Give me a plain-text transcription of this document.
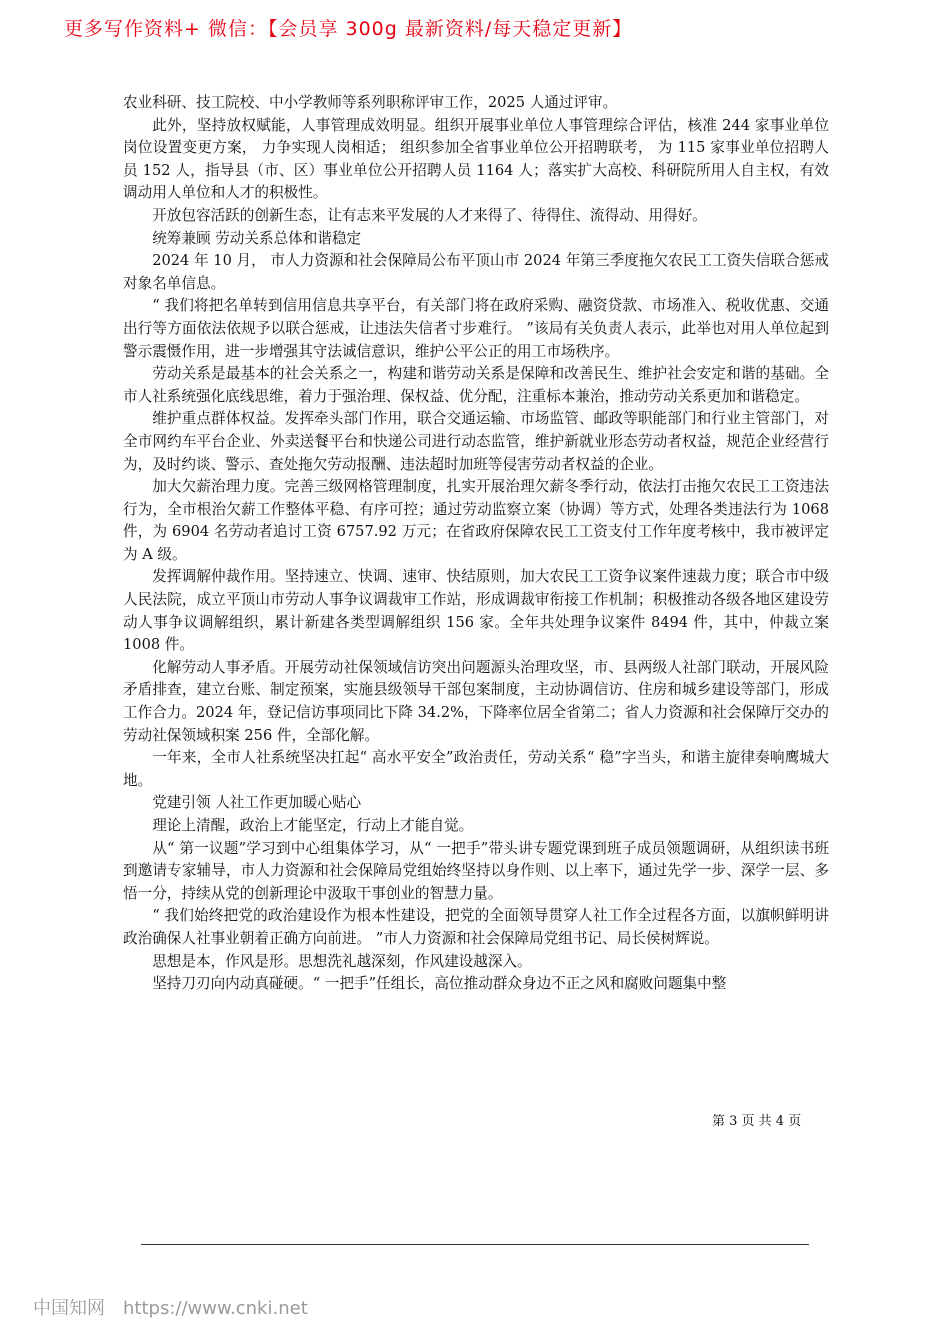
更多写作资料+ 微信：【会员享 300g 最新资料/每天稳定更新】

农业科研、技工院校、中小学教师等系列职称评审工作，2025 人通过评审。

此外，坚持放权赋能，人事管理成效明显。组织开展事业单位人事管理综合评估，核准 244 家事业单位岗位设置变更方案， 力争实现人岗相适； 组织参加全省事业单位公开招聘联考， 为 115 家事业单位招聘人员 152 人，指导县（市、区）事业单位公开招聘人员 1164 人；落实扩大高校、科研院所用人自主权，有效调动用人单位和人才的积极性。

开放包容活跃的创新生态，让有志来平发展的人才来得了、待得住、流得动、用得好。

统筹兼顾 劳动关系总体和谐稳定

2024 年 10 月， 市人力资源和社会保障局公布平顶山市 2024 年第三季度拖欠农民工工资失信联合惩戒对象名单信息。

“ 我们将把名单转到信用信息共享平台，有关部门将在政府采购、融资贷款、市场准入、税收优惠、交通出行等方面依法依规予以联合惩戒，让违法失信者寸步难行。 ”该局有关负责人表示，此举也对用人单位起到警示震慑作用，进一步增强其守法诚信意识，维护公平公正的用工市场秩序。

劳动关系是最基本的社会关系之一，构建和谐劳动关系是保障和改善民生、维护社会安定和谐的基础。全市人社系统强化底线思维，着力于强治理、保权益、优分配，注重标本兼治，推动劳动关系更加和谐稳定。

维护重点群体权益。发挥牵头部门作用，联合交通运输、市场监管、邮政等职能部门和行业主管部门，对全市网约车平台企业、外卖送餐平台和快递公司进行动态监管，维护新就业形态劳动者权益，规范企业经营行为，及时约谈、警示、查处拖欠劳动报酬、违法超时加班等侵害劳动者权益的企业。

加大欠薪治理力度。完善三级网格管理制度，扎实开展治理欠薪冬季行动，依法打击拖欠农民工工资违法行为，全市根治欠薪工作整体平稳、有序可控；通过劳动监察立案（协调）等方式，处理各类违法行为 1068 件，为 6904 名劳动者追讨工资 6757.92 万元；在省政府保障农民工工资支付工作年度考核中，我市被评定为 A 级。

发挥调解仲裁作用。坚持速立、快调、速审、快结原则，加大农民工工资争议案件速裁力度；联合市中级人民法院，成立平顶山市劳动人事争议调裁审工作站，形成调裁审衔接工作机制；积极推动各级各地区建设劳动人事争议调解组织，累计新建各类型调解组织 156 家。全年共处理争议案件 8494 件，其中，仲裁立案 1008 件。

化解劳动人事矛盾。开展劳动社保领域信访突出问题源头治理攻坚，市、县两级人社部门联动，开展风险矛盾排查，建立台账、制定预案，实施县级领导干部包案制度，主动协调信访、住房和城乡建设等部门，形成工作合力。2024 年，登记信访事项同比下降 34.2%，下降率位居全省第二；省人力资源和社会保障厅交办的劳动社保领域积案 256 件，全部化解。

一年来，全市人社系统坚决扛起“ 高水平安全”政治责任，劳动关系“ 稳”字当头，和谐主旋律奏响鹰城大地。

党建引领 人社工作更加暖心贴心

理论上清醒，政治上才能坚定，行动上才能自觉。

从“ 第一议题”学习到中心组集体学习，从“ 一把手”带头讲专题党课到班子成员领题调研，从组织读书班到邀请专家辅导，市人力资源和社会保障局党组始终坚持以身作则、以上率下，通过先学一步、深学一层、多悟一分，持续从党的创新理论中汲取干事创业的智慧力量。

“ 我们始终把党的政治建设作为根本性建设，把党的全面领导贯穿人社工作全过程各方面，以旗帜鲜明讲政治确保人社事业朝着正确方向前进。 ”市人力资源和社会保障局党组书记、局长侯树辉说。

思想是本，作风是形。思想洗礼越深刻，作风建设越深入。

坚持刀刃向内动真碰硬。“ 一把手”任组长，高位推动群众身边不正之风和腐败问题集中整

第 3 页 共 4 页
中国知网 https://www.cnki.net
